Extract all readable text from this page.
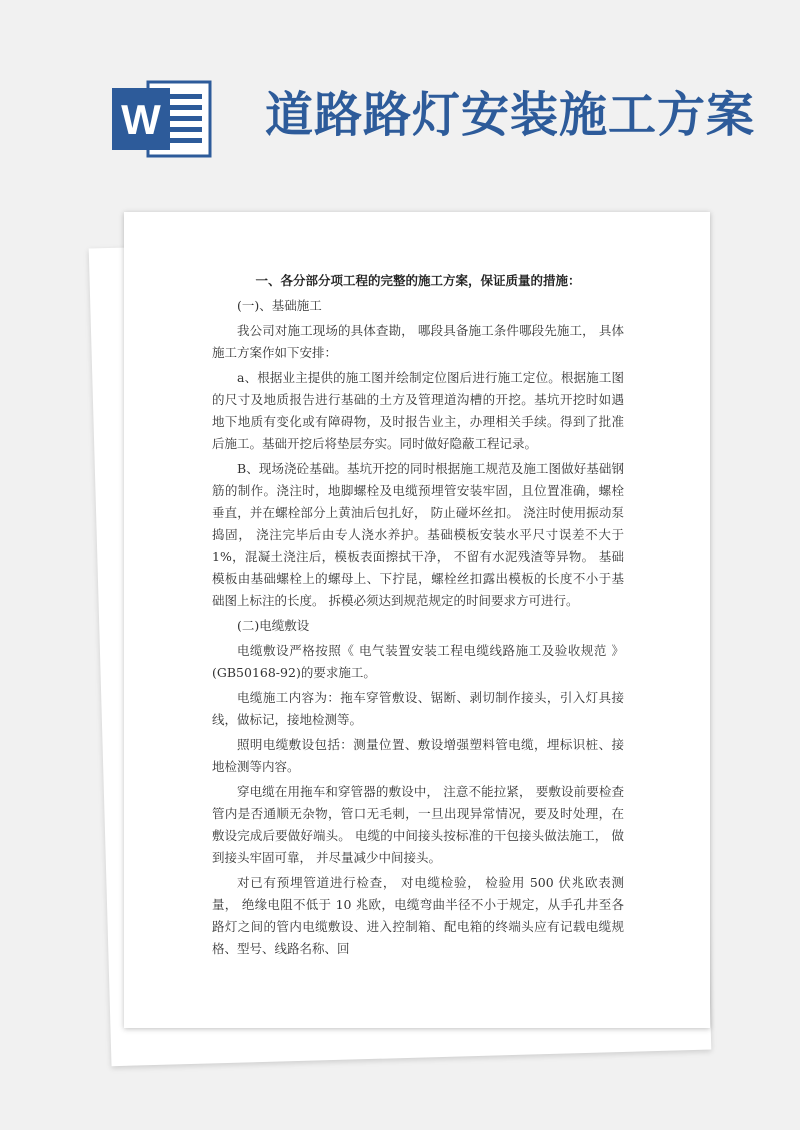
W 道路路灯安装施工方案
一、各分部分项工程的完整的施工方案，保证质量的措施：

(一)、基础施工

我公司对施工现场的具体查勘， 哪段具备施工条件哪段先施工， 具体施工方案作如下安排：

a、根据业主提供的施工图并绘制定位图后进行施工定位。根据施工图的尺寸及地质报告进行基础的土方及管理道沟槽的开挖。基坑开挖时如遇地下地质有变化或有障碍物，及时报告业主，办理相关手续。得到了批准后施工。基础开挖后将垫层夯实。同时做好隐蔽工程记录。

B、现场浇砼基础。基坑开挖的同时根据施工规范及施工图做好基础钢筋的制作。浇注时，地脚螺栓及电缆预埋管安装牢固，且位置准确，螺栓垂直，并在螺栓部分上黄油后包扎好， 防止碰坏丝扣。 浇注时使用振动泵捣固， 浇注完毕后由专人浇水养护。基础模板安装水平尺寸误差不大于 1%，混凝土浇注后，模板表面擦拭干净， 不留有水泥残渣等异物。 基础模板由基础螺栓上的螺母上、下拧昆，螺栓丝扣露出模板的长度不小于基础图上标注的长度。 拆模必须达到规范规定的时间要求方可进行。

(二)电缆敷设

电缆敷设严格按照《 电气装置安装工程电缆线路施工及验收规范 》(GB50168-92)的要求施工。

电缆施工内容为：拖车穿管敷设、锯断、剥切制作接头，引入灯具接线，做标记，接地检测等。

照明电缆敷设包括：测量位置、敷设增强塑料管电缆，埋标识桩、接地检测等内容。

穿电缆在用拖车和穿管器的敷设中， 注意不能拉紧， 要敷设前要检查管内是否通顺无杂物，管口无毛刺，一旦出现异常情况，要及时处理，在敷设完成后要做好端头。 电缆的中间接头按标准的干包接头做法施工， 做到接头牢固可靠， 并尽量减少中间接头。

对已有预埋管道进行检查， 对电缆检验， 检验用 500 伏兆欧表测量， 绝缘电阻不低于 10 兆欧，电缆弯曲半径不小于规定，从手孔井至各路灯之间的管内电缆敷设、进入控制箱、配电箱的终端头应有记载电缆规格、型号、线路名称、回
